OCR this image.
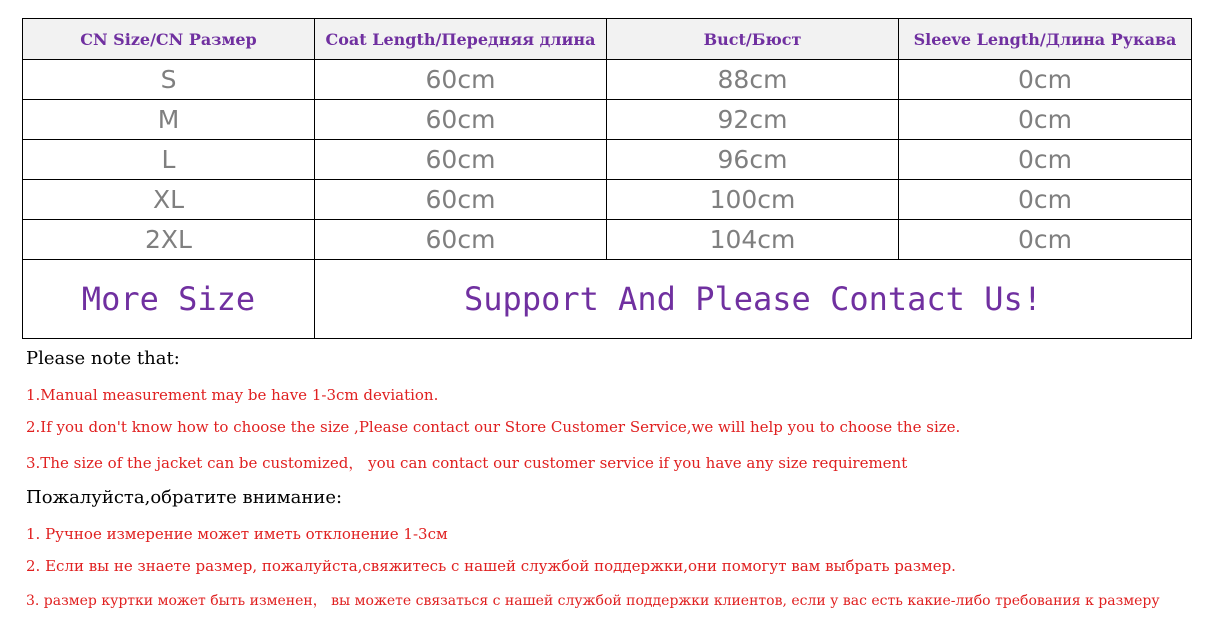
CN Size/CN Размер	Coat Length/Передняя длина	Buct/Бюст	Sleeve Length/Длина Рукава
S	60cm	88cm	0cm
M	60cm	92cm	0cm
L	60cm	96cm	0cm
XL	60cm	100cm	0cm
2XL	60cm	104cm	0cm
More Size	Support And Please Contact Us!		

Please note that:

1.Manual measurement may be have 1-3cm deviation.

2.If you don't know how to choose the size ,Please contact our Store Customer Service,we will help you to choose the size.

3.The size of the jacket can be customized， you can contact our customer service if you have any size requirement

Пожалуйста,обратите внимание:

1. Ручное измерение может иметь отклонение 1-3см

2. Если вы не знаете размер, пожалуйста,свяжитесь с нашей службой поддержки,они помогут вам выбрать размер.

3. размер куртки может быть изменен， вы можете связаться с нашей службой поддержки клиентов, если у вас есть какие-либо требования к размеру
